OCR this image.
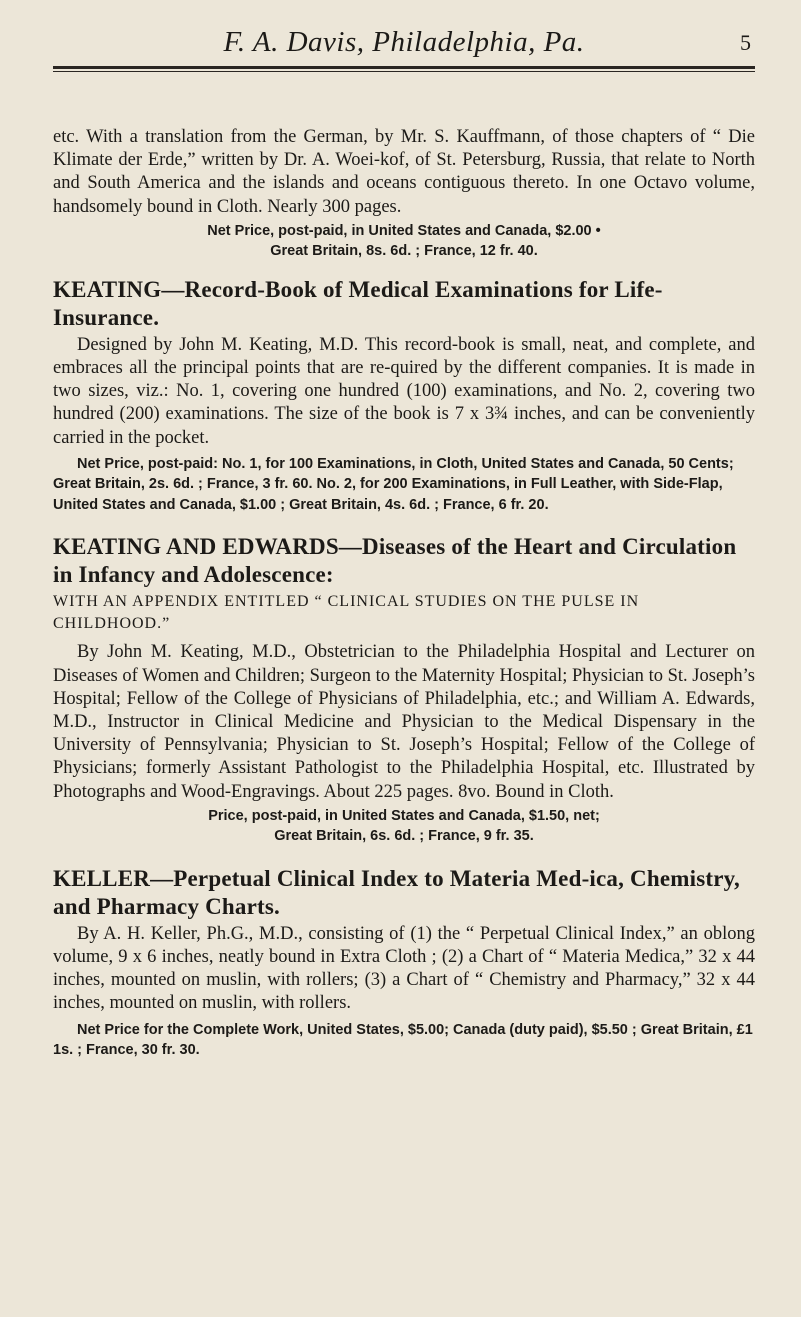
F. A. Davis, Philadelphia, Pa.	5

etc. With a translation from the German, by Mr. S. Kauffmann, of those chapters of “ Die Klimate der Erde,” written by Dr. A. Woei-kof, of St. Petersburg, Russia, that relate to North and South America and the islands and oceans contiguous thereto. In one Octavo volume, handsomely bound in Cloth. Nearly 300 pages.

Net Price, post-paid, in United States and Canada, $2.00 •

Great Britain, 8s. 6d. ; France, 12 fr. 40.

KEATING—Record-Book of Medical Examinations for Life-Insurance.

Designed by John M. Keating, M.D. This record-book is small, neat, and complete, and embraces all the principal points that are re-quired by the different companies. It is made in two sizes, viz.: No. 1, covering one hundred (100) examinations, and No. 2, covering two hundred (200) examinations. The size of the book is 7 x 3¾ inches, and can be conveniently carried in the pocket.

Net Price, post-paid: No. 1, for 100 Examinations, in Cloth, United States and Canada, 50 Cents; Great Britain, 2s. 6d. ; France, 3 fr. 60. No. 2, for 200 Examinations, in Full Leather, with Side-Flap, United States and Canada, $1.00 ; Great Britain, 4s. 6d. ; France, 6 fr. 20.

KEATING AND EDWARDS—Diseases of the Heart and Circulation in Infancy and Adolescence:

WITH AN APPENDIX ENTITLED “ CLINICAL STUDIES ON THE PULSE IN CHILDHOOD.”

By John M. Keating, M.D., Obstetrician to the Philadelphia Hospital and Lecturer on Diseases of Women and Children; Surgeon to the Maternity Hospital; Physician to St. Joseph’s Hospital; Fellow of the College of Physicians of Philadelphia, etc.; and William A. Edwards, M.D., Instructor in Clinical Medicine and Physician to the Medical Dispensary in the University of Pennsylvania; Physician to St. Joseph’s Hospital; Fellow of the College of Physicians; formerly Assistant Pathologist to the Philadelphia Hospital, etc. Illustrated by Photographs and Wood-Engravings. About 225 pages. 8vo. Bound in Cloth.

Price, post-paid, in United States and Canada, $1.50, net;

Great Britain, 6s. 6d. ; France, 9 fr. 35.

KELLER—Perpetual Clinical Index to Materia Med-ica, Chemistry, and Pharmacy Charts.

By A. H. Keller, Ph.G., M.D., consisting of (1) the “ Perpetual Clinical Index,” an oblong volume, 9 x 6 inches, neatly bound in Extra Cloth ; (2) a Chart of “ Materia Medica,” 32 x 44 inches, mounted on muslin, with rollers; (3) a Chart of “ Chemistry and Pharmacy,” 32 x 44 inches, mounted on muslin, with rollers.

Net Price for the Complete Work, United States, $5.00; Canada (duty paid), $5.50 ; Great Britain, £1 1s. ; France, 30 fr. 30.
